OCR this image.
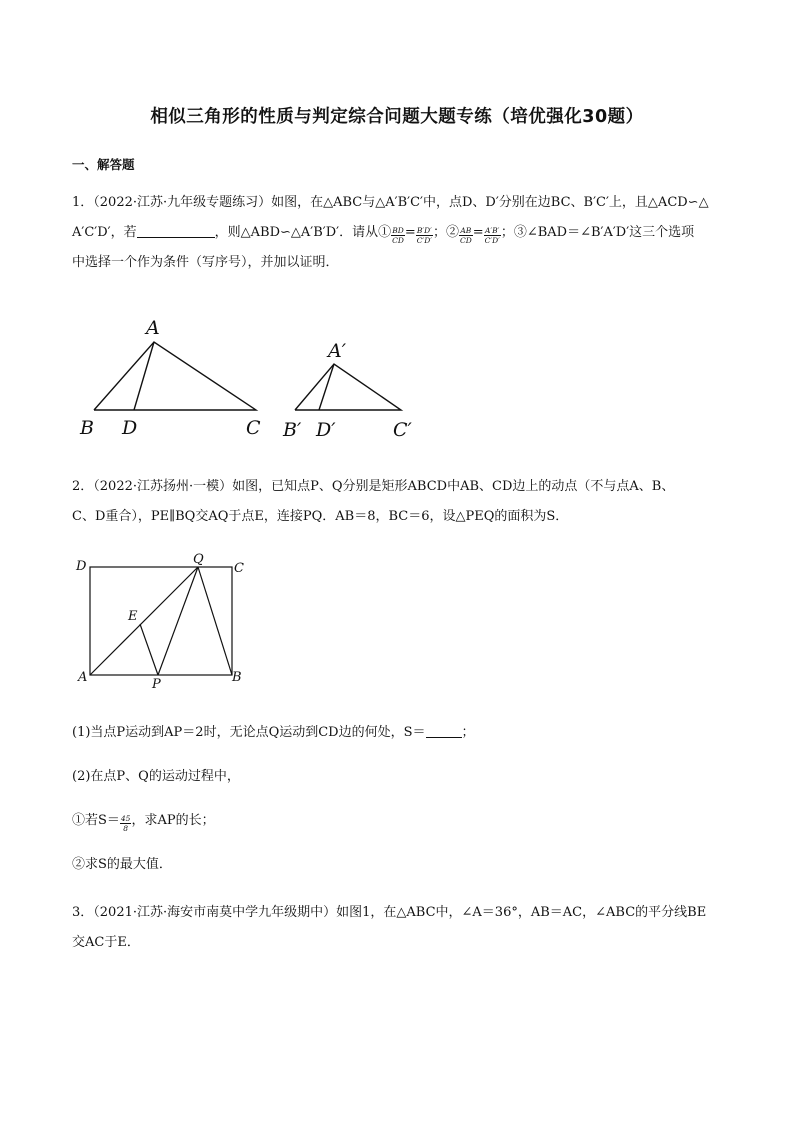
相似三角形的性质与判定综合问题大题专练（培优强化30题）
一、解答题
1．（2022·江苏·九年级专题练习）如图，在△ABC与△A′B′C′中，点D、D′分别在边BC、B′C′上，且△ACD∽△
A′C′D′，若	，则△ABD∽△A′B′D′．请从① $\frac{BD}{CD} = \frac{B'D'}{C'D'}$ ；② $\frac{AB}{CD} = \frac{A'B'}{C'D'}$ ；③∠BAD＝∠B′A′D′这三个选项
中选择一个作为条件（写序号），并加以证明．
A
B D	C
A′
B′ D′	C′
2．（2022·江苏扬州·一模）如图，已知点P、Q分别是矩形ABCD中AB、CD边上的动点（不与点A、B、
C、D重合），PE∥BQ交AQ于点E，连接PQ．AB＝8，BC＝6，设△PEQ的面积为S．
D	Q
C
E
A	P	B
(1)当点P运动到AP＝2时，无论点Q运动到CD边的何处，S＝	；
(2)在点P、Q的运动过程中，
①若$S= \frac{45}{8}$ ，求AP的长；
②求S的最大值．
3．（2021·江苏·海安市南莫中学九年级期中）如图1，在△ABC中，∠A＝36°，AB＝AC，∠ABC的平分线BE
交AC于E．
